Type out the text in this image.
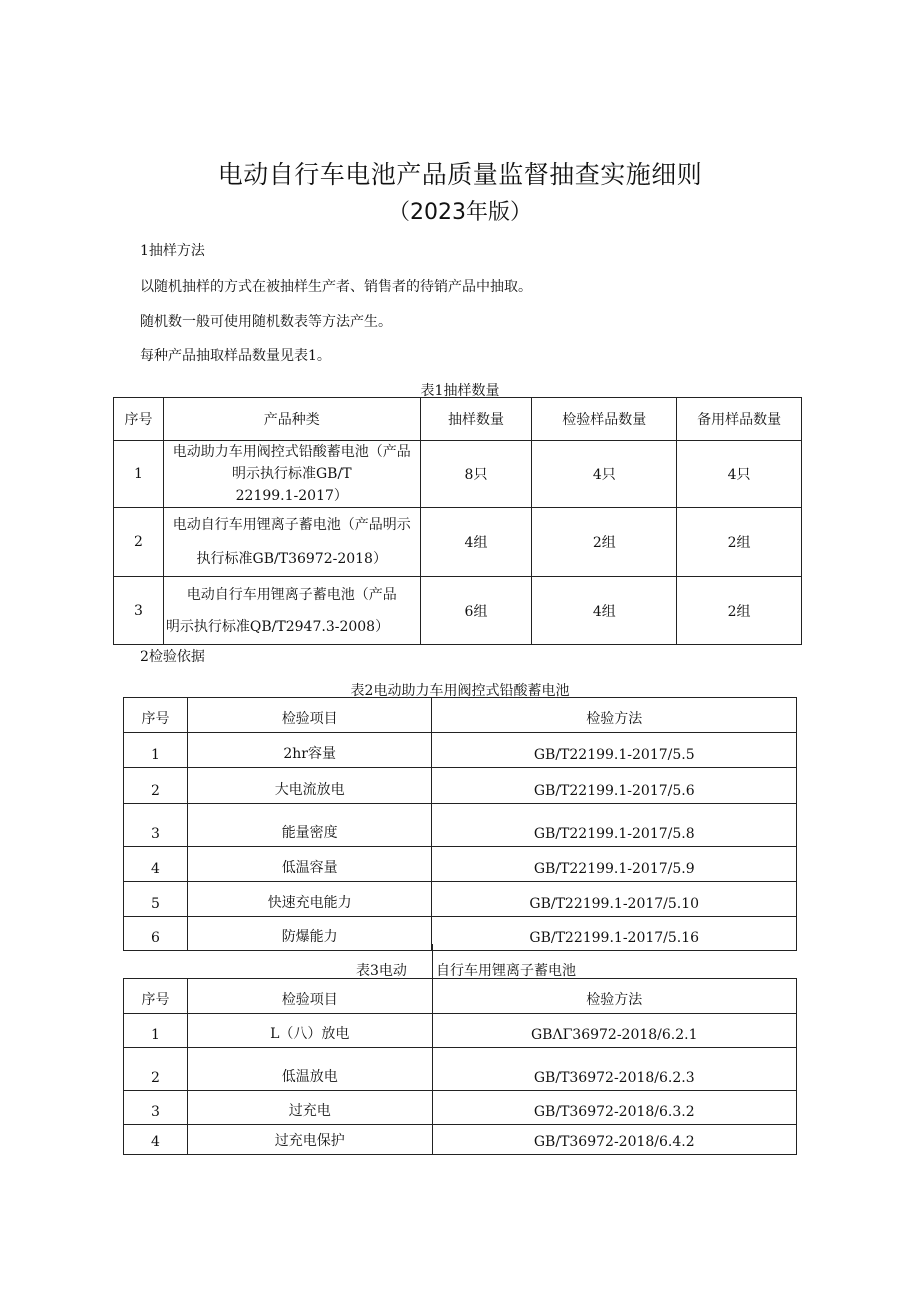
电动自行车电池产品质量监督抽查实施细则
（2023年版）
1抽样方法
以随机抽样的方式在被抽样生产者、销售者的待销产品中抽取。
随机数一般可使用随机数表等方法产生。
每种产品抽取样品数量见表1。
表1抽样数量
序号	产品种类	抽样数量	检验样品数量	备用样品数量
1	电动助力车用阀控式铅酸蓄电池（产品
明示执行标准GB/T
22199.1-2017）	8只	4只	4只
2	电动自行车用锂离子蓄电池（产品明示
执行标准GB/T36972-2018）	4组	2组	2组
3	电动自行车用锂离子蓄电池（产品
明示执行标准QB/T2947.3-2008）	6组	4组	2组
2检验依据
表2电动助力车用阀控式铅酸蓄电池
序号	检验项目	检验方法
1	2hr容量	GB/T22199.1-2017/5.5
2	大电流放电	GB/T22199.1-2017/5.6
3	能量密度	GB/T22199.1-2017/5.8
4	低温容量	GB/T22199.1-2017/5.9
5	快速充电能力	GB/T22199.1-2017/5.10
6	防爆能力	GB/T22199.1-2017/5.16
表3电动 自行车用锂离子蓄电池
序号	检验项目	检验方法
1	L（八）放电	GBΛΓ36972-2018/6.2.1
2	低温放电	GB/T36972-2018/6.2.3
3	过充电	GB/T36972-2018/6.3.2
4	过充电保护	GB/T36972-2018/6.4.2
